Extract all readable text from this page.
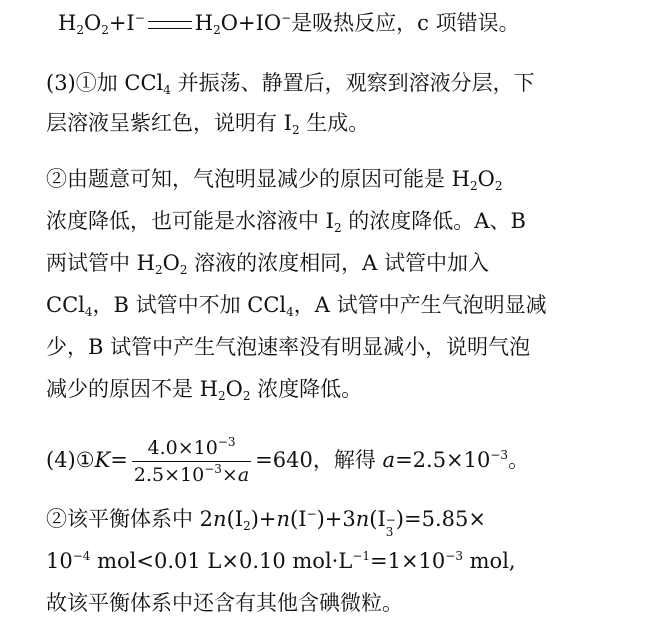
$H_2O_2+I^-$ $H_2O+IO^-$是吸热反应，c 项错误。
(3)①加 CCl$_4$ 并振荡、静置后，观察到溶液分层，下
层溶液呈紫红色，说明有 $I_2$ 生成。
②由题意可知，气泡明显减少的原因可能是 $H_2O_2$
浓度降低，也可能是水溶液中 $I_2$ 的浓度降低。A、B
两试管中 $H_2O_2$ 溶液的浓度相同，A 试管中加入
CCl$_4$，B 试管中不加 CCl$_4$，A 试管中产生气泡明显减
少，B 试管中产生气泡速率没有明显减小，说明气泡
减少的原因不是 $H_2O_2$ 浓度降低。
(4)①K= $\frac{4.0\times 10^{-3}}{2.5\times 10^{-3}\times a} =640$，解得 $a=2.5\times 10^{-3}$。
②该平衡体系中 $2n(I_2)+n(I^-)+3n(I$ −
3
)=5.85×
$10^{-4}$ mol<0.01 L×0.10 $mol\cdot L^{-1}=1\times 10^{-3}$ mol,
故该平衡体系中还含有其他含碘微粒。
